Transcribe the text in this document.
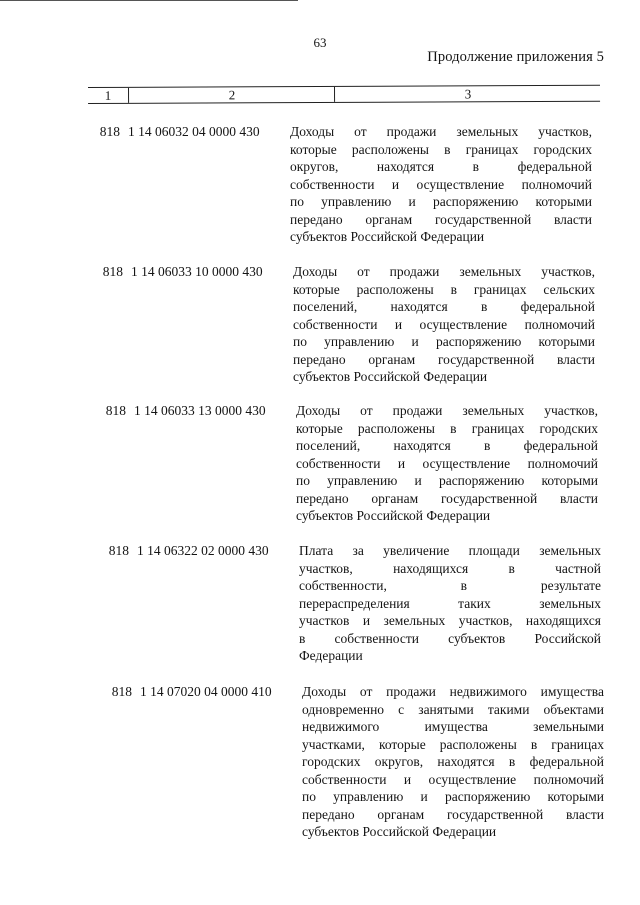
63
Продолжение приложения 5
1	2	3
818 1 14 06032 04 0000 430 Доходы от продажи земельных участков,
которые расположены в границах городских
округов, находятся в федеральной
собственности и осуществление полномочий
по управлению и распоряжению которыми
передано органам государственной власти
субъектов Российской Федерации
818 1 14 06033 10 0000 430 Доходы от продажи земельных участков,
которые расположены в границах сельских
поселений, находятся в федеральной
собственности и осуществление полномочий
по управлению и распоряжению которыми
передано органам государственной власти
субъектов Российской Федерации
818 1 14 06033 13 0000 430 Доходы от продажи земельных участков,
которые расположены в границах городских
поселений, находятся в федеральной
собственности и осуществление полномочий
по управлению и распоряжению которыми
передано органам государственной власти
субъектов Российской Федерации
818 1 14 06322 02 0000 430 Плата за увеличение площади земельных
участков, находящихся в частной
собственности, в результате
перераспределения таких земельных
участков и земельных участков, находящихся
в собственности субъектов Российской
Федерации
818 1 14 07020 04 0000 410 Доходы от продажи недвижимого имущества
одновременно с занятыми такими объектами
недвижимого имущества земельными
участками, которые расположены в границах
городских округов, находятся в федеральной
собственности и осуществление полномочий
по управлению и распоряжению которыми
передано органам государственной власти
субъектов Российской Федерации
